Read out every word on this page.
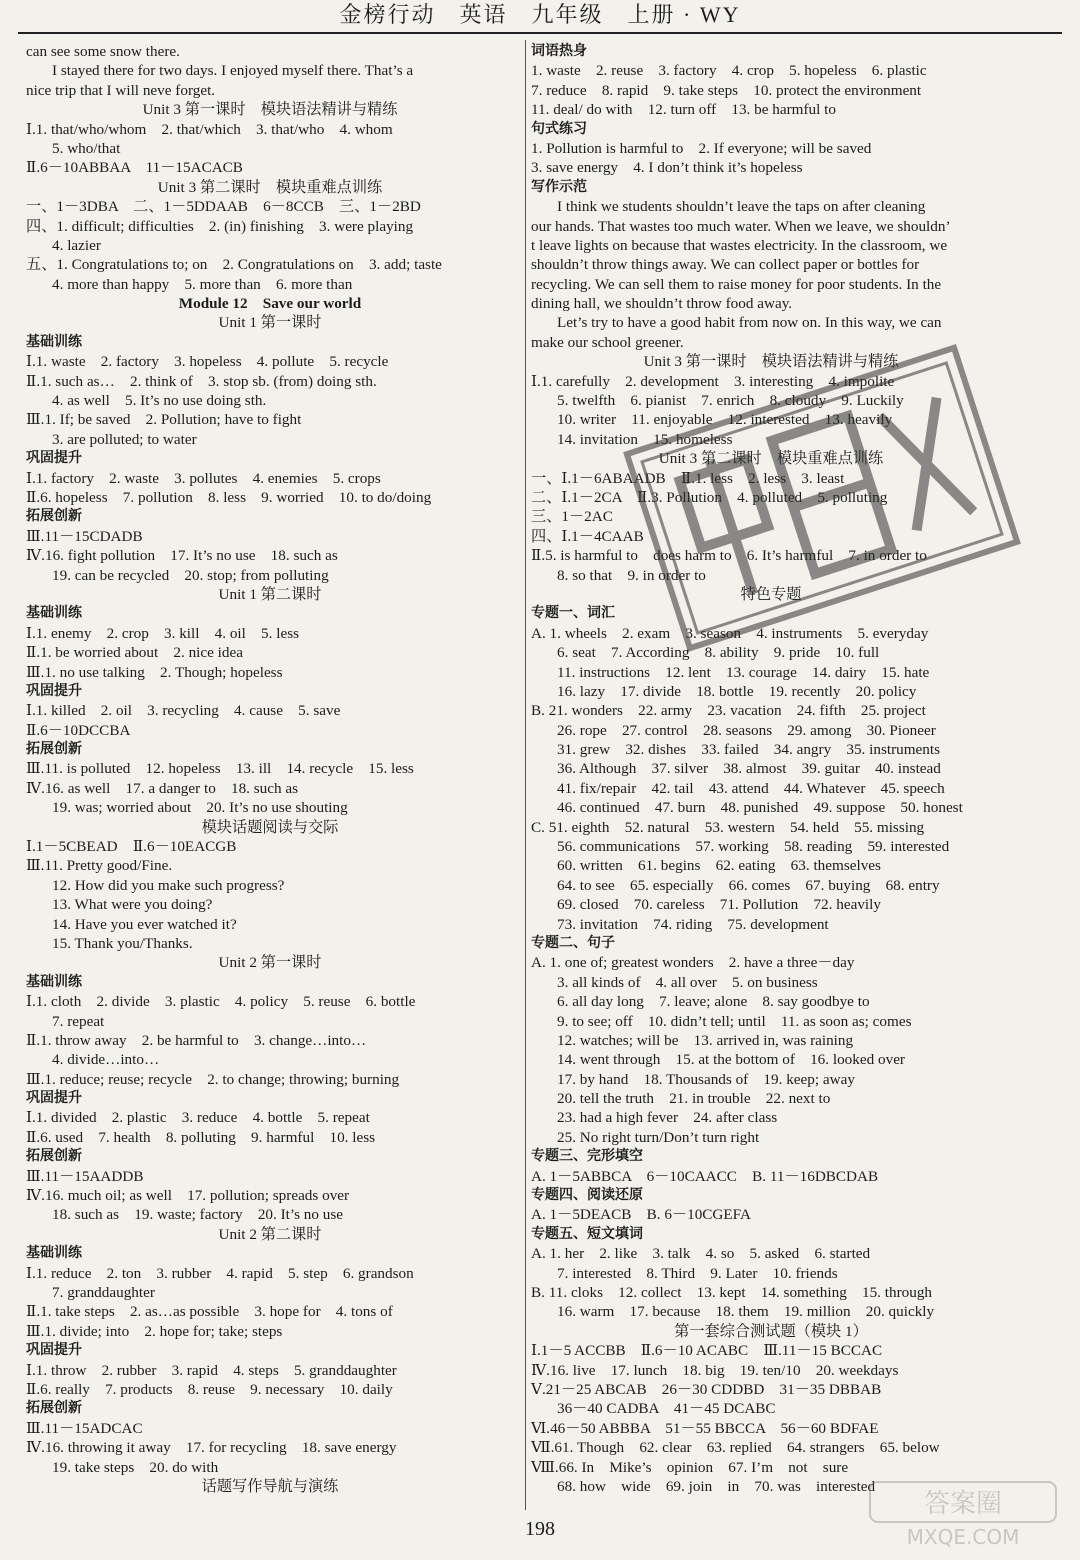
金榜行动　英语　九年级　上册 · WY
can see some snow there.
I stayed there for two days. I enjoyed myself there. That’s a
nice trip that I will neve forget.
Unit 3 第一课时　模块语法精讲与精练
Ⅰ.1. that/who/whom　2. that/which　3. that/who　4. whom
5. who/that
Ⅱ.6－10ABBAA　11－15ACACB
Unit 3 第二课时　模块重难点训练
一、1－3DBA　二、1－5DDAAB　6－8CCB　三、1－2BD
四、1. difficult; difficulties　2. (in) finishing　3. were playing
4. lazier
五、1. Congratulations to; on　2. Congratulations on　3. add; taste
4. more than happy　5. more than　6. more than
Module 12　Save our world
Unit 1 第一课时
基础训练
Ⅰ.1. waste　2. factory　3. hopeless　4. pollute　5. recycle
Ⅱ.1. such as…　2. think of　3. stop sb. (from) doing sth.
4. as well　5. It’s no use doing sth.
Ⅲ.1. If; be saved　2. Pollution; have to fight
3. are polluted; to water
巩固提升
Ⅰ.1. factory　2. waste　3. pollutes　4. enemies　5. crops
Ⅱ.6. hopeless　7. pollution　8. less　9. worried　10. to do/doing
拓展创新
Ⅲ.11－15CDADB
Ⅳ.16. fight pollution　17. It’s no use　18. such as
19. can be recycled　20. stop; from polluting
Unit 1 第二课时
基础训练
Ⅰ.1. enemy　2. crop　3. kill　4. oil　5. less
Ⅱ.1. be worried about　2. nice idea
Ⅲ.1. no use talking　2. Though; hopeless
巩固提升
Ⅰ.1. killed　2. oil　3. recycling　4. cause　5. save
Ⅱ.6－10DCCBA
拓展创新
Ⅲ.11. is polluted　12. hopeless　13. ill　14. recycle　15. less
Ⅳ.16. as well　17. a danger to　18. such as
19. was; worried about　20. It’s no use shouting
模块话题阅读与交际
Ⅰ.1－5CBEAD　Ⅱ.6－10EACGB
Ⅲ.11. Pretty good/Fine.
12. How did you make such progress?
13. What were you doing?
14. Have you ever watched it?
15. Thank you/Thanks.
Unit 2 第一课时
基础训练
Ⅰ.1. cloth　2. divide　3. plastic　4. policy　5. reuse　6. bottle
7. repeat
Ⅱ.1. throw away　2. be harmful to　3. change…into…
4. divide…into…
Ⅲ.1. reduce; reuse; recycle　2. to change; throwing; burning
巩固提升
Ⅰ.1. divided　2. plastic　3. reduce　4. bottle　5. repeat
Ⅱ.6. used　7. health　8. polluting　9. harmful　10. less
拓展创新
Ⅲ.11－15AADDB
Ⅳ.16. much oil; as well　17. pollution; spreads over
18. such as　19. waste; factory　20. It’s no use
Unit 2 第二课时
基础训练
Ⅰ.1. reduce　2. ton　3. rubber　4. rapid　5. step　6. grandson
7. granddaughter
Ⅱ.1. take steps　2. as…as possible　3. hope for　4. tons of
Ⅲ.1. divide; into　2. hope for; take; steps
巩固提升
Ⅰ.1. throw　2. rubber　3. rapid　4. steps　5. granddaughter
Ⅱ.6. really　7. products　8. reuse　9. necessary　10. daily
拓展创新
Ⅲ.11－15ADCAC
Ⅳ.16. throwing it away　17. for recycling　18. save energy
19. take steps　20. do with
话题写作导航与演练
词语热身
1. waste　2. reuse　3. factory　4. crop　5. hopeless　6. plastic
7. reduce　8. rapid　9. take steps　10. protect the environment
11. deal/ do with　12. turn off　13. be harmful to
句式练习
1. Pollution is harmful to　2. If everyone; will be saved
3. save energy　4. I don’t think it’s hopeless
写作示范
I think we students shouldn’t leave the taps on after cleaning
our hands. That wastes too much water. When we leave, we shouldn’
t leave lights on because that wastes electricity. In the classroom, we
shouldn’t throw things away. We can collect paper or bottles for
recycling. We can sell them to raise money for poor students. In the
dining hall, we shouldn’t throw food away.
Let’s try to have a good habit from now on. In this way, we can
make our school greener.
Unit 3 第一课时　模块语法精讲与精练
Ⅰ.1. carefully　2. development　3. interesting　4. impolite
5. twelfth　6. pianist　7. enrich　8. cloudy　9. Luckily
10. writer　11. enjoyable　12. interested　13. heavily
14. invitation　15. homeless
Unit 3 第二课时　模块重难点训练
一、Ⅰ.1－6ABAADB　Ⅱ.1. less　2. less　3. least
二、Ⅰ.1－2CA　Ⅱ.3. Pollution　4. polluted　5. polluting
三、1－2AC
四、Ⅰ.1－4CAAB
Ⅱ.5. is harmful to　does harm to　6. It’s harmful　7. in order to
8. so that　9. in order to
特色专题
专题一、词汇
A. 1. wheels　2. exam　3. season　4. instruments　5. everyday
6. seat　7. According　8. ability　9. pride　10. full
11. instructions　12. lent　13. courage　14. dairy　15. hate
16. lazy　17. divide　18. bottle　19. recently　20. policy
B. 21. wonders　22. army　23. vacation　24. fifth　25. project
26. rope　27. control　28. seasons　29. among　30. Pioneer
31. grew　32. dishes　33. failed　34. angry　35. instruments
36. Although　37. silver　38. almost　39. guitar　40. instead
41. fix/repair　42. tail　43. attend　44. Whatever　45. speech
46. continued　47. burn　48. punished　49. suppose　50. honest
C. 51. eighth　52. natural　53. western　54. held　55. missing
56. communications　57. working　58. reading　59. interested
60. written　61. begins　62. eating　63. themselves
64. to see　65. especially　66. comes　67. buying　68. entry
69. closed　70. careless　71. Pollution　72. heavily
73. invitation　74. riding　75. development
专题二、句子
A. 1. one of; greatest wonders　2. have a three－day
3. all kinds of　4. all over　5. on business
6. all day long　7. leave; alone　8. say goodbye to
9. to see; off　10. didn’t tell; until　11. as soon as; comes
12. watches; will be　13. arrived in, was raining
14. went through　15. at the bottom of　16. looked over
17. by hand　18. Thousands of　19. keep; away
20. tell the truth　21. in trouble　22. next to
23. had a high fever　24. after class
25. No right turn/Don’t turn right
专题三、完形填空
A. 1－5ABBCA　6－10CAACC　B. 11－16DBCDAB
专题四、阅读还原
A. 1－5DEACB　B. 6－10CGEFA
专题五、短文填词
A. 1. her　2. like　3. talk　4. so　5. asked　6. started
7. interested　8. Third　9. Later　10. friends
B. 11. cloks　12. collect　13. kept　14. something　15. through
16. warm　17. because　18. them　19. million　20. quickly
第一套综合测试题（模块 1）
Ⅰ.1－5 ACCBB　Ⅱ.6－10 ACABC　Ⅲ.11－15 BCCAC
Ⅳ.16. live　17. lunch　18. big　19. ten/10　20. weekdays
Ⅴ.21－25 ABCAB　26－30 CDDBD　31－35 DBBAB
36－40 CADBA　41－45 DCABC
Ⅵ.46－50 ABBBA　51－55 BBCCA　56－60 BDFAE
Ⅶ.61. Though　62. clear　63. replied　64. strangers　65. below
Ⅷ.66. In　Mike’s　opinion　67. I’m　not　sure
68. how　wide　69. join　in　70. was　interested
答案圈
MXQE.COM
198
